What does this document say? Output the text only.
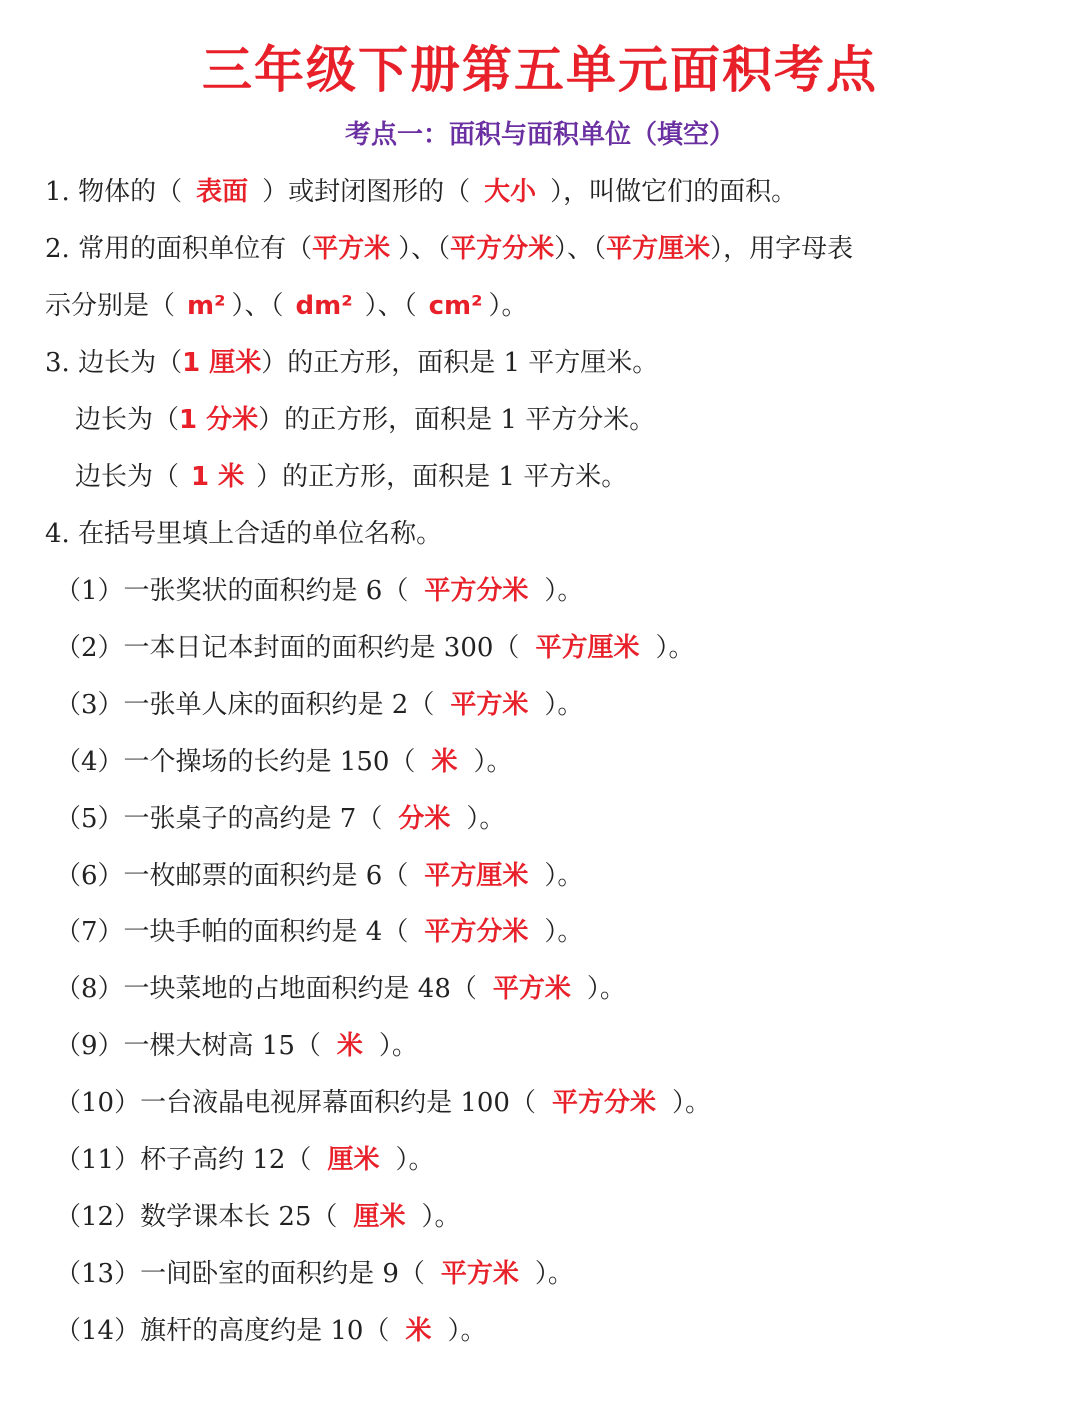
三年级下册第五单元面积考点
考点一：面积与面积单位（填空）
1. 物体的（ 表面 ）或封闭图形的（ 大小 ），叫做它们的面积。
2. 常用的面积单位有（平方米 ）、（平方分米）、（平方厘米），用字母表
示分别是（ m² ）、（ dm² ）、（ cm² ）。
3. 边长为（1 厘米）的正方形，面积是 1 平方厘米。
边长为（1 分米）的正方形，面积是 1 平方分米。
边长为（ 1 米 ）的正方形，面积是 1 平方米。
4. 在括号里填上合适的单位名称。
（1）一张奖状的面积约是 6（ 平方分米 ）。
（2）一本日记本封面的面积约是 300（ 平方厘米 ）。
（3）一张单人床的面积约是 2（ 平方米 ）。
（4）一个操场的长约是 150（ 米 ）。
（5）一张桌子的高约是 7（ 分米 ）。
（6）一枚邮票的面积约是 6（ 平方厘米 ）。
（7）一块手帕的面积约是 4（ 平方分米 ）。
（8）一块菜地的占地面积约是 48（ 平方米 ）。
（9）一棵大树高 15（ 米 ）。
（10）一台液晶电视屏幕面积约是 100（ 平方分米 ）。
（11）杯子高约 12（ 厘米 ）。
（12）数学课本长 25（ 厘米 ）。
（13）一间卧室的面积约是 9（ 平方米 ）。
（14）旗杆的高度约是 10（ 米 ）。
